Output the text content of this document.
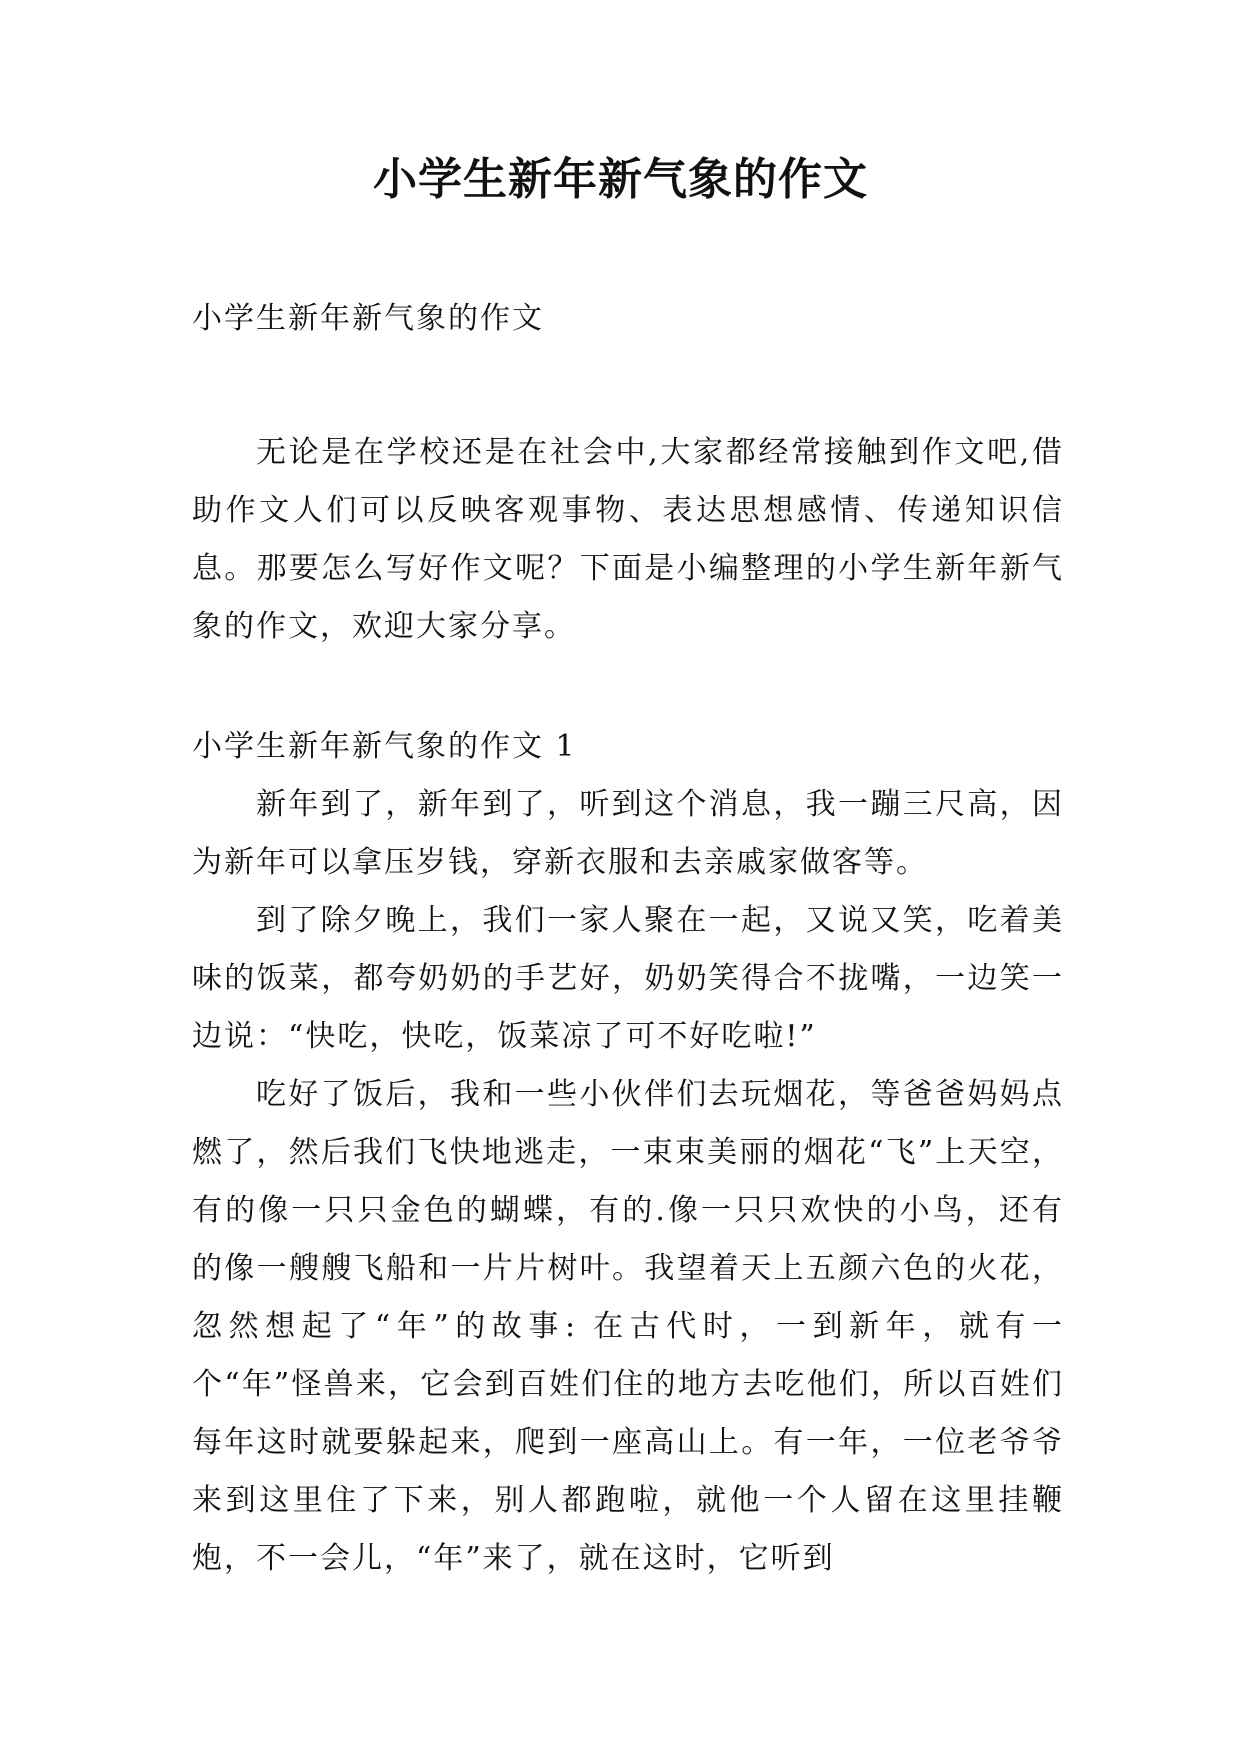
小学生新年新气象的作文

小学生新年新气象的作文

无论是在学校还是在社会中,大家都经常接触到作文吧,借助作文人们可以反映客观事物、表达思想感情、传递知识信息。那要怎么写好作文呢？下面是小编整理的小学生新年新气象的作文，欢迎大家分享。

小学生新年新气象的作文 1

新年到了，新年到了，听到这个消息，我一蹦三尺高，因为新年可以拿压岁钱，穿新衣服和去亲戚家做客等。

到了除夕晚上，我们一家人聚在一起，又说又笑，吃着美味的饭菜，都夸奶奶的手艺好，奶奶笑得合不拢嘴，一边笑一边说：“快吃，快吃，饭菜凉了可不好吃啦!”

吃好了饭后，我和一些小伙伴们去玩烟花，等爸爸妈妈点燃了，然后我们飞快地逃走，一束束美丽的烟花“飞”上天空，有的像一只只金色的蝴蝶，有的.像一只只欢快的小鸟，还有的像一艘艘飞船和一片片树叶。我望着天上五颜六色的火花，忽然想起了“年”的故事: 在古代时，一到新年，就有一个“年”怪兽来，它会到百姓们住的地方去吃他们，所以百姓们每年这时就要躲起来，爬到一座高山上。有一年，一位老爷爷来到这里住了下来，别人都跑啦，就他一个人留在这里挂鞭炮，不一会儿，“年”来了，就在这时，它听到
